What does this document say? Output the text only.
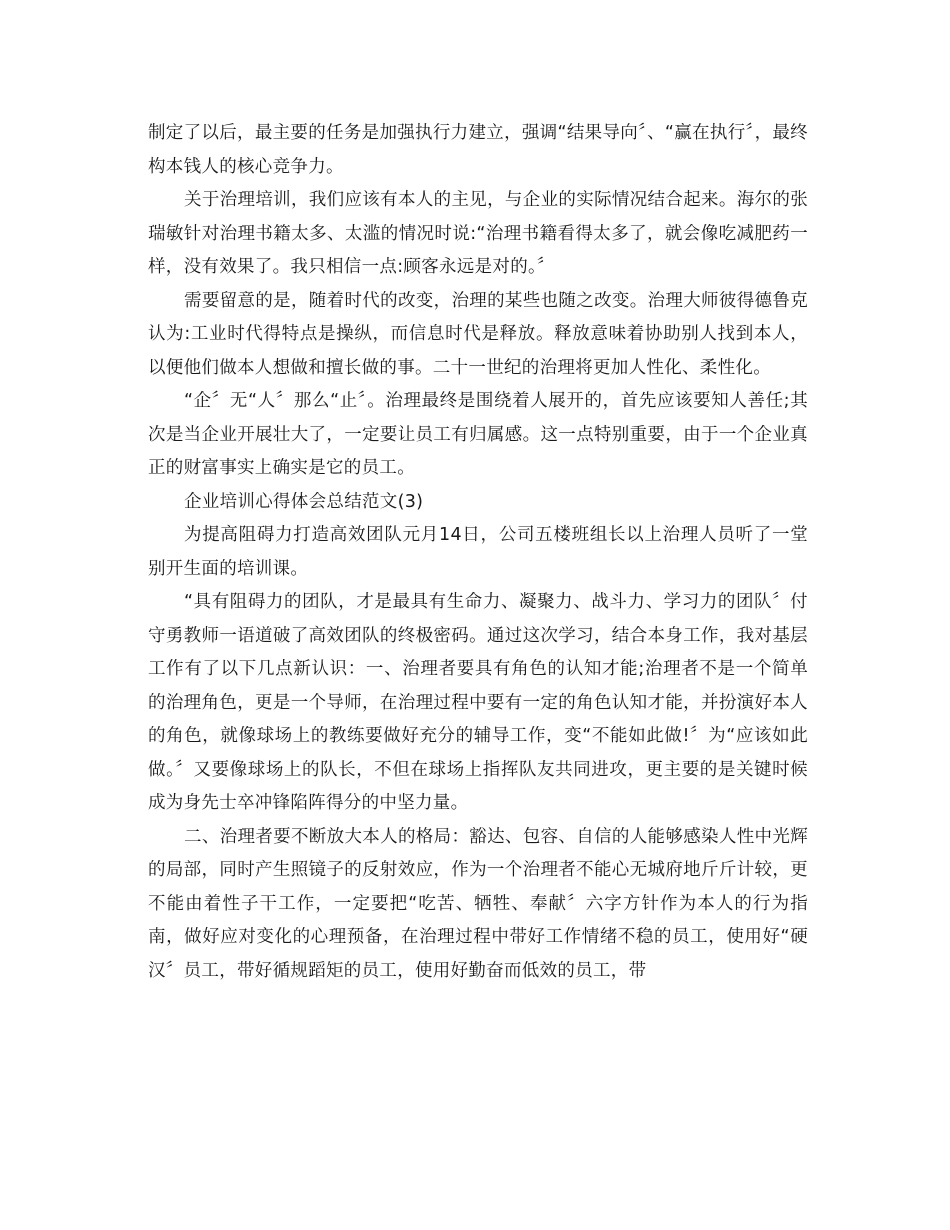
制定了以后，最主要的任务是加强执行力建立，强调“结果导向〞、“赢在执行〞，最终构本钱人的核心竞争力。

关于治理培训，我们应该有本人的主见，与企业的实际情况结合起来。海尔的张瑞敏针对治理书籍太多、太滥的情况时说:“治理书籍看得太多了，就会像吃减肥药一样，没有效果了。我只相信一点:顾客永远是对的。〞

需要留意的是，随着时代的改变，治理的某些也随之改变。治理大师彼得德鲁克认为:工业时代得特点是操纵，而信息时代是释放。释放意味着协助别人找到本人，以便他们做本人想做和擅长做的事。二十一世纪的治理将更加人性化、柔性化。

“企〞无“人〞那么“止〞。治理最终是围绕着人展开的，首先应该要知人善任;其次是当企业开展壮大了，一定要让员工有归属感。这一点特别重要，由于一个企业真正的财富事实上确实是它的员工。

企业培训心得体会总结范文(3)

为提高阻碍力打造高效团队元月14日，公司五楼班组长以上治理人员听了一堂别开生面的培训课。

“具有阻碍力的团队，才是最具有生命力、凝聚力、战斗力、学习力的团队〞付守勇教师一语道破了高效团队的终极密码。通过这次学习，结合本身工作，我对基层工作有了以下几点新认识：一、治理者要具有角色的认知才能;治理者不是一个简单的治理角色，更是一个导师，在治理过程中要有一定的角色认知才能，并扮演好本人的角色，就像球场上的教练要做好充分的辅导工作，变“不能如此做!〞为“应该如此做。〞又要像球场上的队长，不但在球场上指挥队友共同进攻，更主要的是关键时候成为身先士卒冲锋陷阵得分的中坚力量。

二、治理者要不断放大本人的格局：豁达、包容、自信的人能够感染人性中光辉的局部，同时产生照镜子的反射效应，作为一个治理者不能心无城府地斤斤计较，更不能由着性子干工作，一定要把“吃苦、牺牲、奉献〞六字方针作为本人的行为指南，做好应对变化的心理预备，在治理过程中带好工作情绪不稳的员工，使用好“硬汉〞员工，带好循规蹈矩的员工，使用好勤奋而低效的员工，带
